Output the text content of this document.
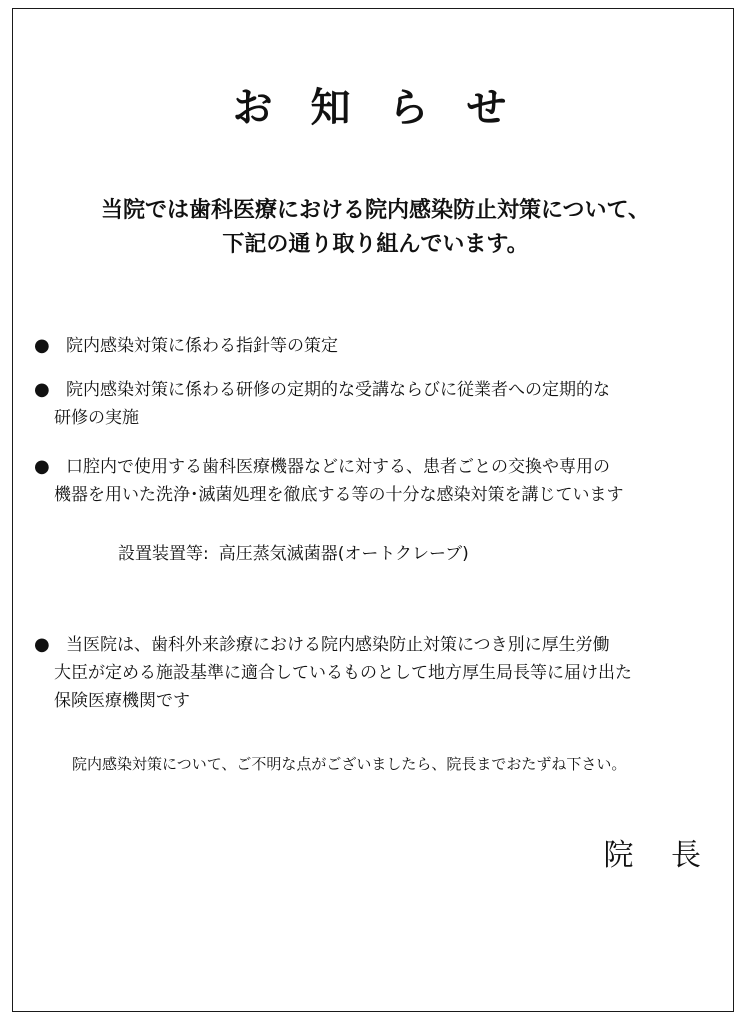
お 知 ら せ
当院では歯科医療における院内感染防止対策について、
下記の通り取り組んでいます。
● 院内感染対策に係わる指針等の策定
● 院内感染対策に係わる研修の定期的な受講ならびに従業者への定期的な
研修の実施
● 口腔内で使用する歯科医療機器などに対する、患者ごとの交換や専用の
機器を用いた洗浄･滅菌処理を徹底する等の十分な感染対策を講じています
設置装置等: 高圧蒸気滅菌器(オートクレーブ)
● 当医院は、歯科外来診療における院内感染防止対策につき別に厚生労働
大臣が定める施設基準に適合しているものとして地方厚生局長等に届け出た
保険医療機関です
院内感染対策について、ご不明な点がございましたら、院長までおたずね下さい。
院 長
